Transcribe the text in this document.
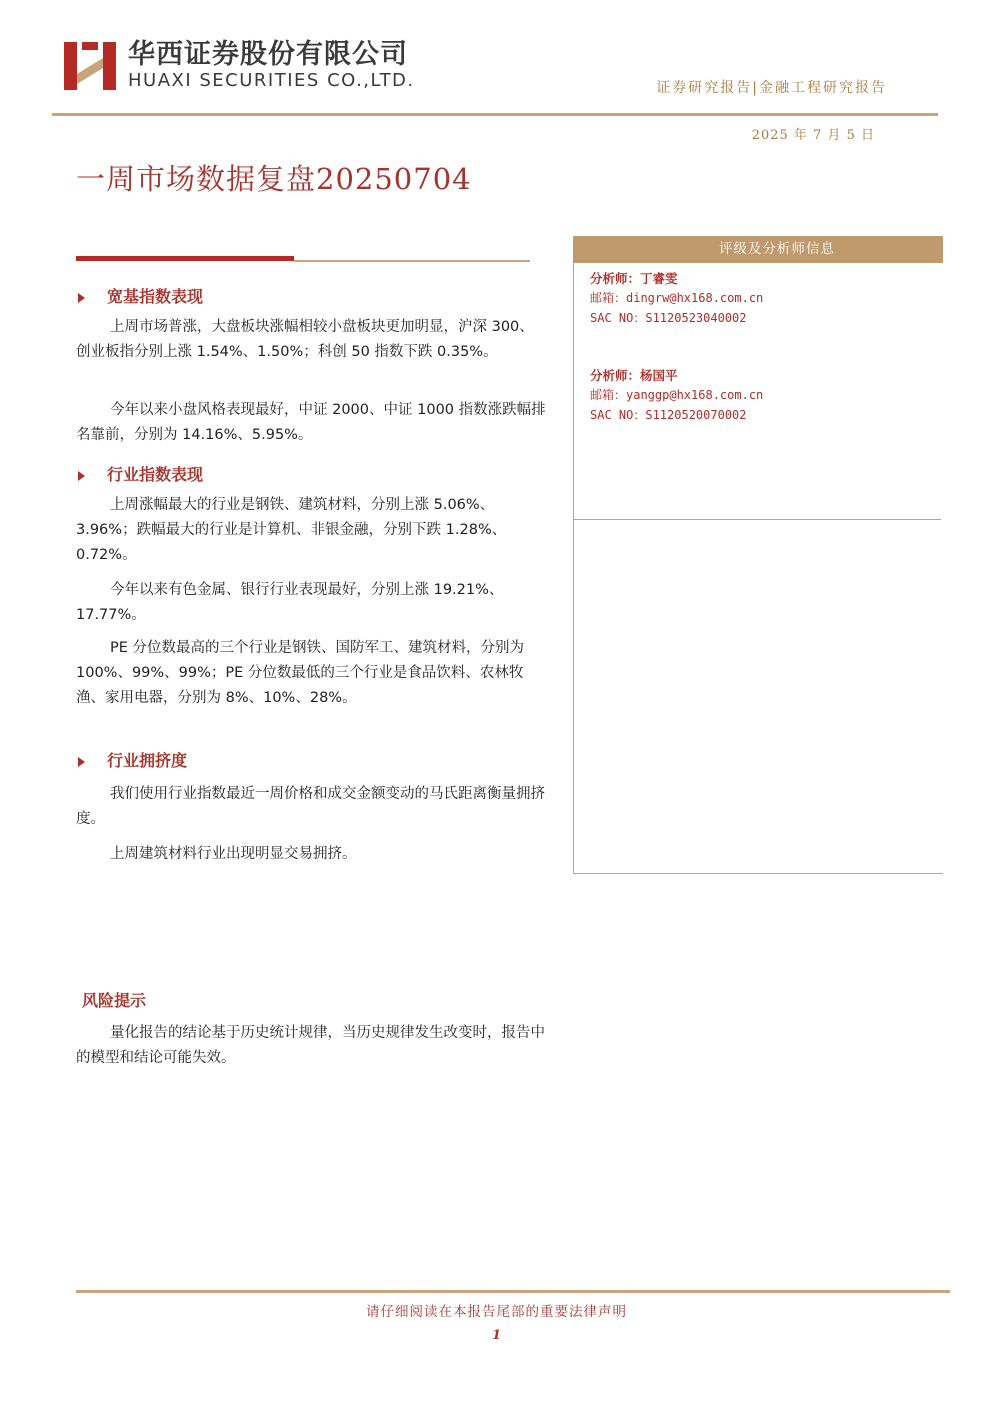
华西证券股份有限公司
HUAXI SECURITIES CO.,LTD.	证券研究报告|金融工程研究报告
2025 年 7 月 5 日
一周市场数据复盘20250704
宽基指数表现
上周市场普涨，大盘板块涨幅相较小盘板块更加明显，沪深 300、创业板指分别上涨 1.54%、1.50%；科创 50 指数下跌 0.35%。
今年以来小盘风格表现最好，中证 2000、中证 1000 指数涨跌幅排名靠前，分别为 14.16%、5.95%。
行业指数表现
上周涨幅最大的行业是钢铁、建筑材料，分别上涨 5.06%、3.96%；跌幅最大的行业是计算机、非银金融，分别下跌 1.28%、0.72%。
今年以来有色金属、银行行业表现最好，分别上涨 19.21%、17.77%。
PE 分位数最高的三个行业是钢铁、国防军工、建筑材料，分别为 100%、99%、99%；PE 分位数最低的三个行业是食品饮料、农林牧渔、家用电器，分别为 8%、10%、28%。
行业拥挤度
我们使用行业指数最近一周价格和成交金额变动的马氏距离衡量拥挤度。
上周建筑材料行业出现明显交易拥挤。
风险提示
量化报告的结论基于历史统计规律，当历史规律发生改变时，报告中的模型和结论可能失效。
评级及分析师信息
分析师：丁睿雯
邮箱：dingrw@hx168.com.cn
SAC NO：S1120523040002
分析师：杨国平
邮箱：yanggp@hx168.com.cn
SAC NO：S1120520070002
请仔细阅读在本报告尾部的重要法律声明
1
